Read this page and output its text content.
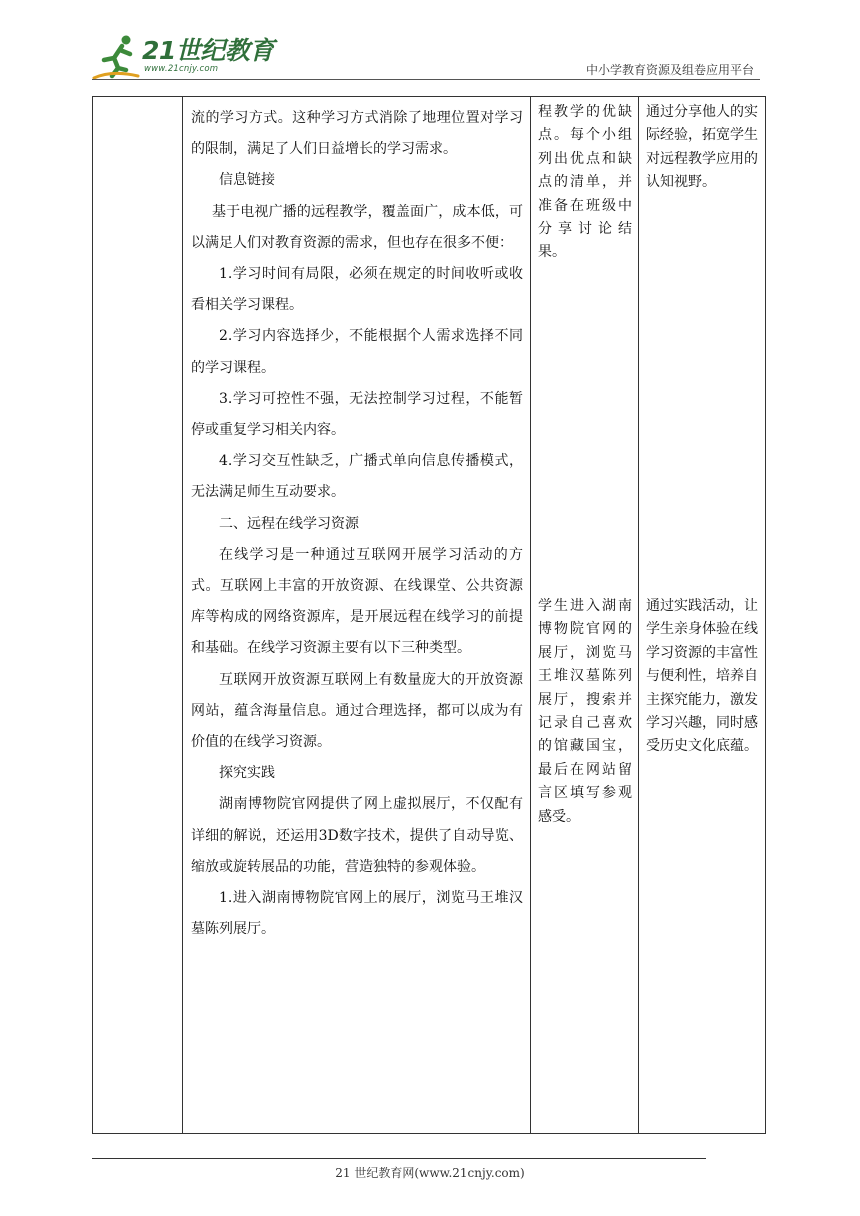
21世纪教育
www.21cnjy.com	中小学教育资源及组卷应用平台

流的学习方式。这种学习方式消除了地理位置对学习的限制，满足了人们日益增长的学习需求。

信息链接

基于电视广播的远程教学，覆盖面广，成本低，可以满足人们对教育资源的需求，但也存在很多不便：

1.学习时间有局限，必须在规定的时间收听或收看相关学习课程。

2.学习内容选择少，不能根据个人需求选择不同的学习课程。

3.学习可控性不强，无法控制学习过程，不能暂停或重复学习相关内容。

4.学习交互性缺乏，广播式单向信息传播模式，无法满足师生互动要求。

二、远程在线学习资源

在线学习是一种通过互联网开展学习活动的方式。互联网上丰富的开放资源、在线课堂、公共资源库等构成的网络资源库，是开展远程在线学习的前提和基础。在线学习资源主要有以下三种类型。

互联网开放资源互联网上有数量庞大的开放资源网站，蕴含海量信息。通过合理选择，都可以成为有价值的在线学习资源。

探究实践

湖南博物院官网提供了网上虚拟展厅，不仅配有详细的解说，还运用3D数字技术，提供了自动导览、缩放或旋转展品的功能，营造独特的参观体验。

1.进入湖南博物院官网上的展厅，浏览马王堆汉墓陈列展厅。

程教学的优缺点。每个小组列出优点和缺点的清单，并准备在班级中分享讨论结果。
学生进入湖南博物院官网的展厅，浏览马王堆汉墓陈列展厅，搜索并记录自己喜欢的馆藏国宝，最后在网站留言区填写参观感受。
通过分享他人的实际经验，拓宽学生对远程教学应用的认知视野。
通过实践活动，让学生亲身体验在线学习资源的丰富性与便利性，培养自主探究能力，激发学习兴趣，同时感受历史文化底蕴。
21 世纪教育网(www.21cnjy.com)
